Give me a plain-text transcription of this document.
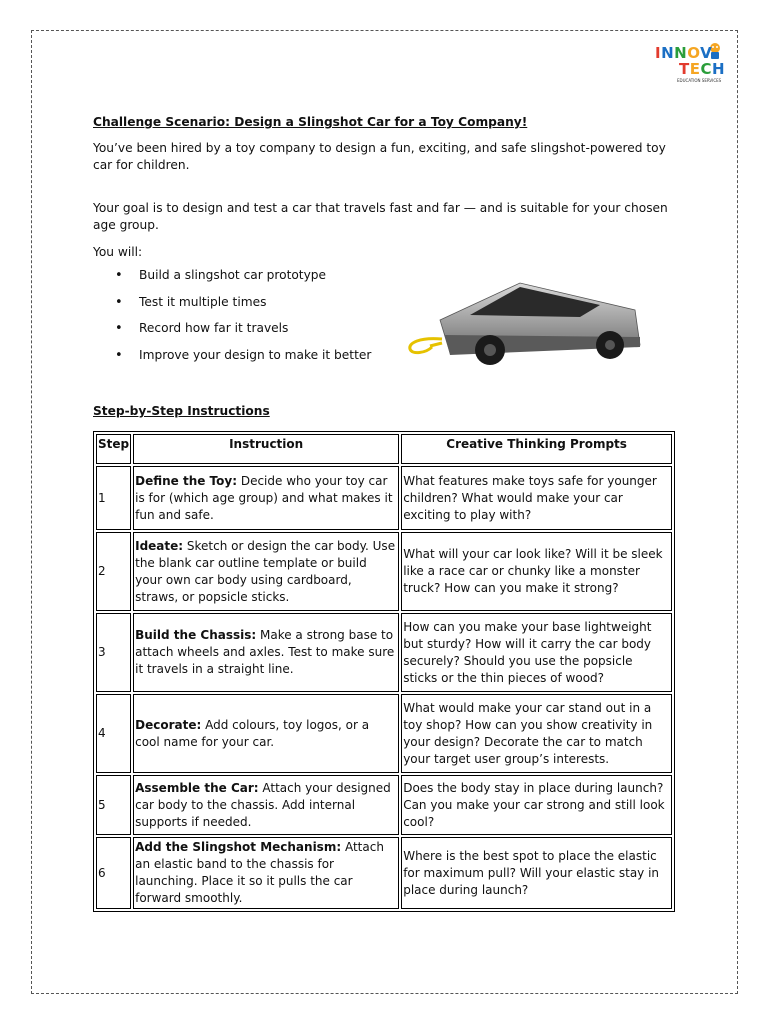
INNOV
TECH
EDUCATION SERVICES
Challenge Scenario: Design a Slingshot Car for a Toy Company!
You’ve been hired by a toy company to design a fun, exciting, and safe slingshot-powered toy car for children.
Your goal is to design and test a car that travels fast and far — and is suitable for your chosen age group.
You will:
• Build a slingshot car prototype
• Test it multiple times
• Record how far it travels
• Improve your design to make it better
Step-by-Step Instructions
Step	Instruction	Creative Thinking Prompts
1	Define the Toy: Decide who your toy car is for (which age group) and what makes it fun and safe.	What features make toys safe for younger children? What would make your car exciting to play with?
2	Ideate: Sketch or design the car body. Use the blank car outline template or build your own car body using cardboard, straws, or popsicle sticks.	What will your car look like? Will it be sleek like a race car or chunky like a monster truck? How can you make it strong?
3	Build the Chassis: Make a strong base to attach wheels and axles. Test to make sure it travels in a straight line.	How can you make your base lightweight but sturdy? How will it carry the car body securely? Should you use the popsicle sticks or the thin pieces of wood?
4	Decorate: Add colours, toy logos, or a cool name for your car.	What would make your car stand out in a toy shop? How can you show creativity in your design? Decorate the car to match your target user group’s interests.
5	Assemble the Car: Attach your designed car body to the chassis. Add internal supports if needed.	Does the body stay in place during launch? Can you make your car strong and still look cool?
6	Add the Slingshot Mechanism: Attach an elastic band to the chassis for launching. Place it so it pulls the car forward smoothly.	Where is the best spot to place the elastic for maximum pull? Will your elastic stay in place during launch?
